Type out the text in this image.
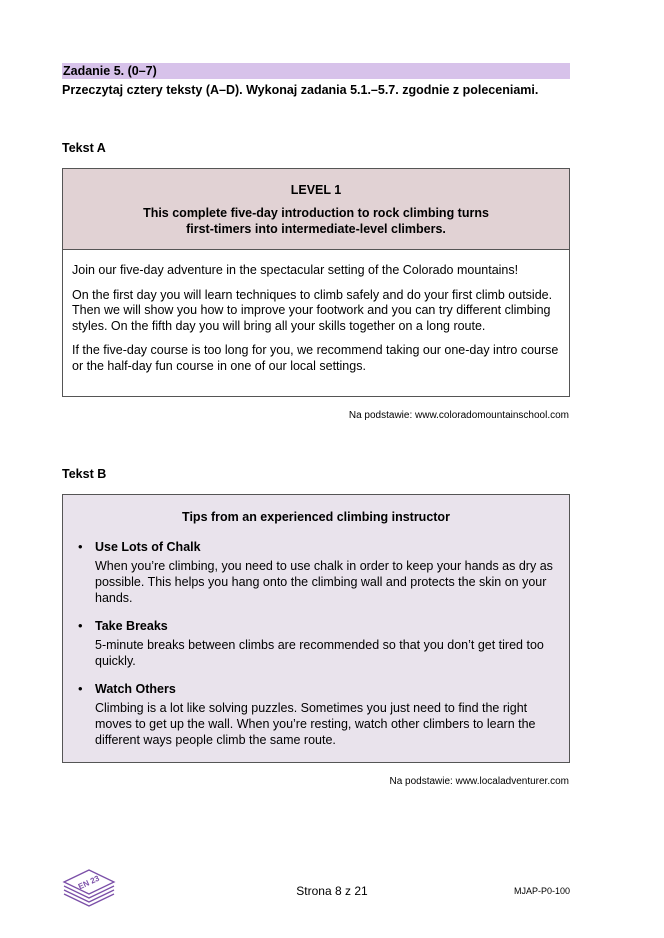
Zadanie 5. (0–7)
Przeczytaj cztery teksty (A–D). Wykonaj zadania 5.1.–5.7. zgodnie z poleceniami.
Tekst A
LEVEL 1
This complete five-day introduction to rock climbing turns
first-timers into intermediate-level climbers.

Join our five-day adventure in the spectacular setting of the Colorado mountains!

On the first day you will learn techniques to climb safely and do your first climb outside. Then we will show you how to improve your footwork and you can try different climbing styles. On the fifth day you will bring all your skills together on a long route.

If the five-day course is too long for you, we recommend taking our one-day intro course or the half-day fun course in one of our local settings.

Na podstawie: www.coloradomountainschool.com
Tekst B
Tips from an experienced climbing instructor
• Use Lots of Chalk
When you’re climbing, you need to use chalk in order to keep your hands as dry as possible. This helps you hang onto the climbing wall and protects the skin on your hands.
• Take Breaks
5-minute breaks between climbs are recommended so that you don’t get tired too quickly.
• Watch Others
Climbing is a lot like solving puzzles. Sometimes you just need to find the right moves to get up the wall. When you’re resting, watch other climbers to learn the different ways people climb the same route.
Na podstawie: www.localadventurer.com
EN 23	Strona 8 z 21	MJAP-P0-100
